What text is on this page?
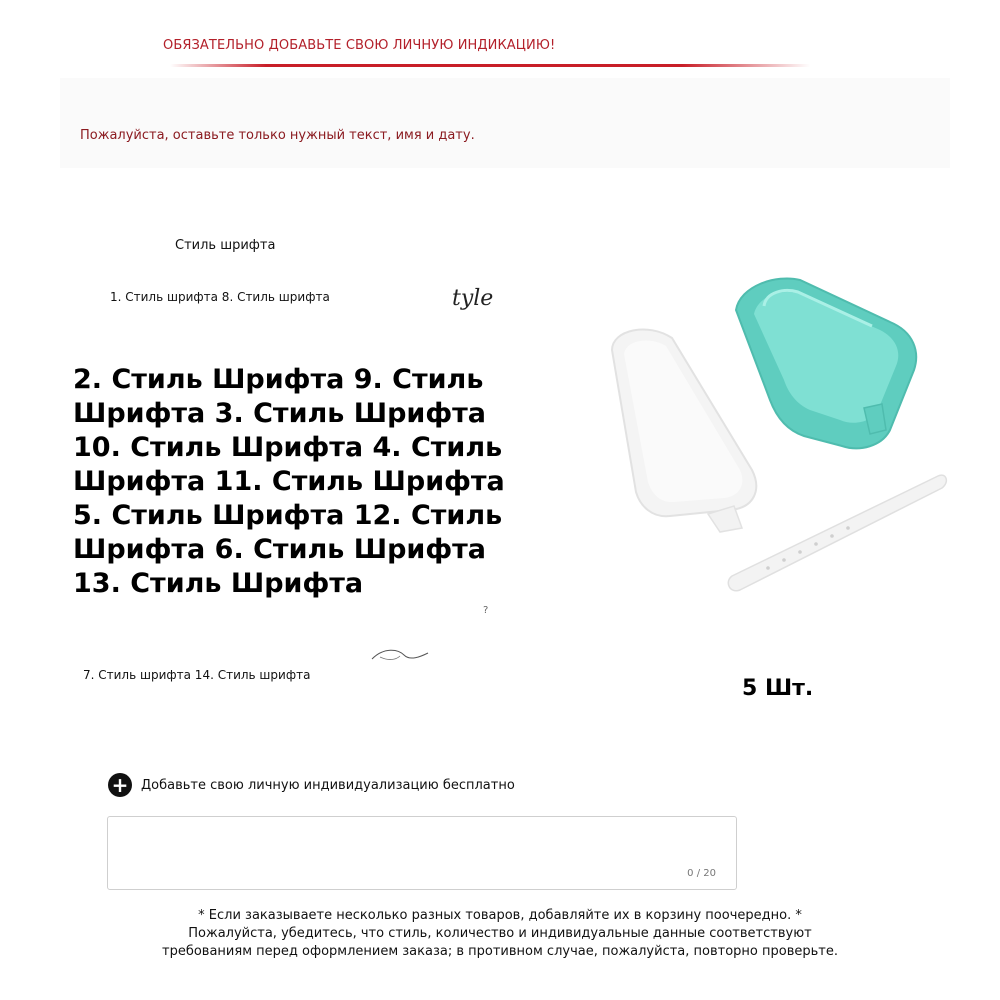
ОБЯЗАТЕЛЬНО ДОБАВЬТЕ СВОЮ ЛИЧНУЮ ИНДИКАЦИЮ!
Пожалуйста, оставьте только нужный текст, имя и дату.
Стиль шрифта
1. Стиль шрифта 8. Стиль шрифта	tyle
2. Стиль Шрифта 9. Стиль Шрифта 3. Стиль Шрифта 10. Стиль Шрифта 4. Стиль Шрифта 11. Стиль Шрифта 5. Стиль Шрифта 12. Стиль Шрифта 6. Стиль Шрифта 13. Стиль Шрифта
?
7. Стиль шрифта 14. Стиль шрифта
5 Шт.
+ Добавьте свою личную индивидуализацию бесплатно
0 / 20
* Если заказываете несколько разных товаров, добавляйте их в корзину поочередно. *
Пожалуйста, убедитесь, что стиль, количество и индивидуальные данные соответствуют
требованиям перед оформлением заказа; в противном случае, пожалуйста, повторно проверьте.
